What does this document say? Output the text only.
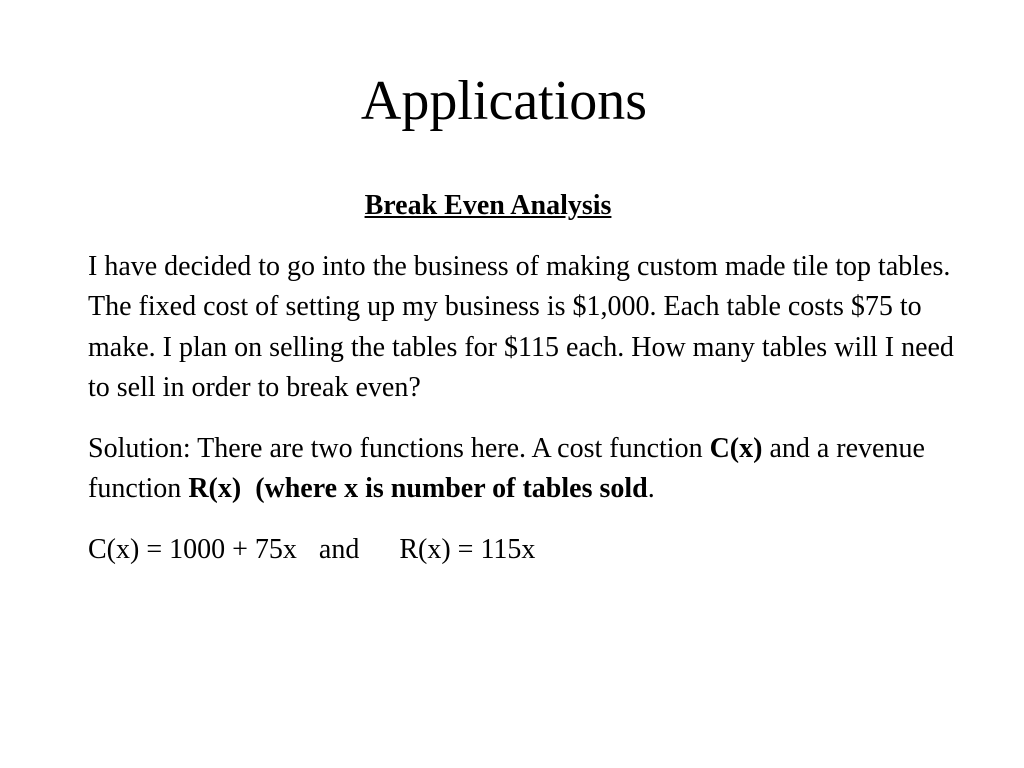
Applications

Break Even Analysis

I have decided to go into the business of making custom made tile top tables. The fixed cost of setting up my business is $1,000. Each table costs $75 to make. I plan on selling the tables for $115 each. How many tables will I need to sell in order to break even?

Solution: There are two functions here. A cost function C(x) and a revenue function R(x) (where x is number of tables sold.

C(x) = 1000 + 75x and R(x) = 115x
